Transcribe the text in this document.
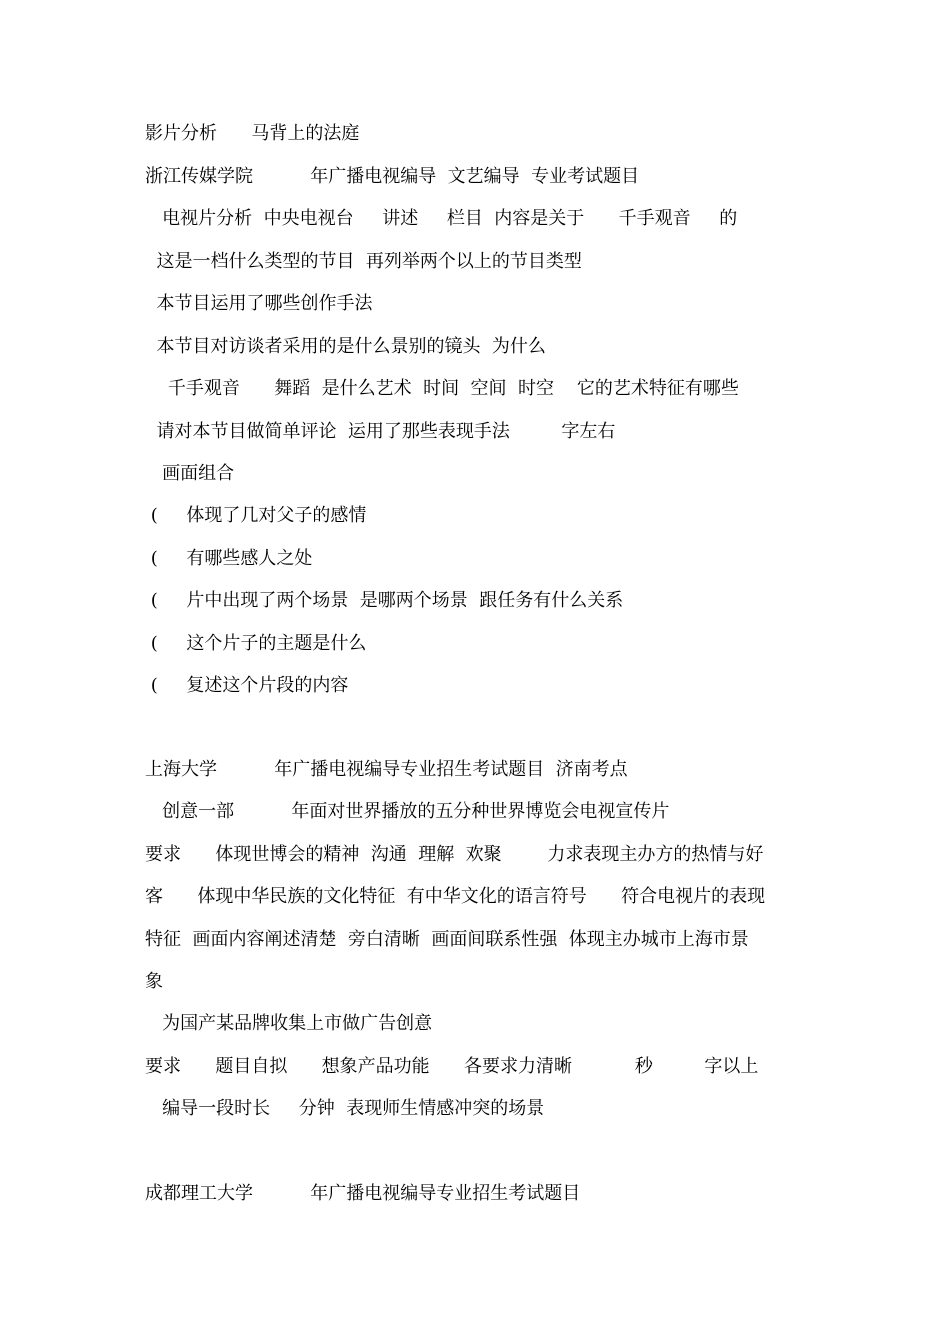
影片分析      马背上的法庭
浙江传媒学院          年广播电视编导  文艺编导  专业考试题目
电视片分析  中央电视台     讲述     栏目  内容是关于      千手观音     的
这是一档什么类型的节目  再列举两个以上的节目类型
本节目运用了哪些创作手法
本节目对访谈者采用的是什么景别的镜头  为什么
千手观音      舞蹈  是什么艺术  时间  空间  时空    它的艺术特征有哪些
请对本节目做简单评论  运用了那些表现手法         字左右
画面组合
(     体现了几对父子的感情
(     有哪些感人之处
(     片中出现了两个场景  是哪两个场景  跟任务有什么关系
(     这个片子的主题是什么
(     复述这个片段的内容
上海大学          年广播电视编导专业招生考试题目  济南考点
创意一部          年面对世界播放的五分种世界博览会电视宣传片
要求      体现世博会的精神  沟通  理解  欢聚        力求表现主办方的热情与好
客      体现中华民族的文化特征  有中华文化的语言符号      符合电视片的表现
特征  画面内容阐述清楚  旁白清晰  画面间联系性强  体现主办城市上海市景
象
为国产某品牌收集上市做广告创意
要求      题目自拟      想象产品功能      各要求力清晰           秒         字以上
编导一段时长     分钟  表现师生情感冲突的场景
成都理工大学          年广播电视编导专业招生考试题目
